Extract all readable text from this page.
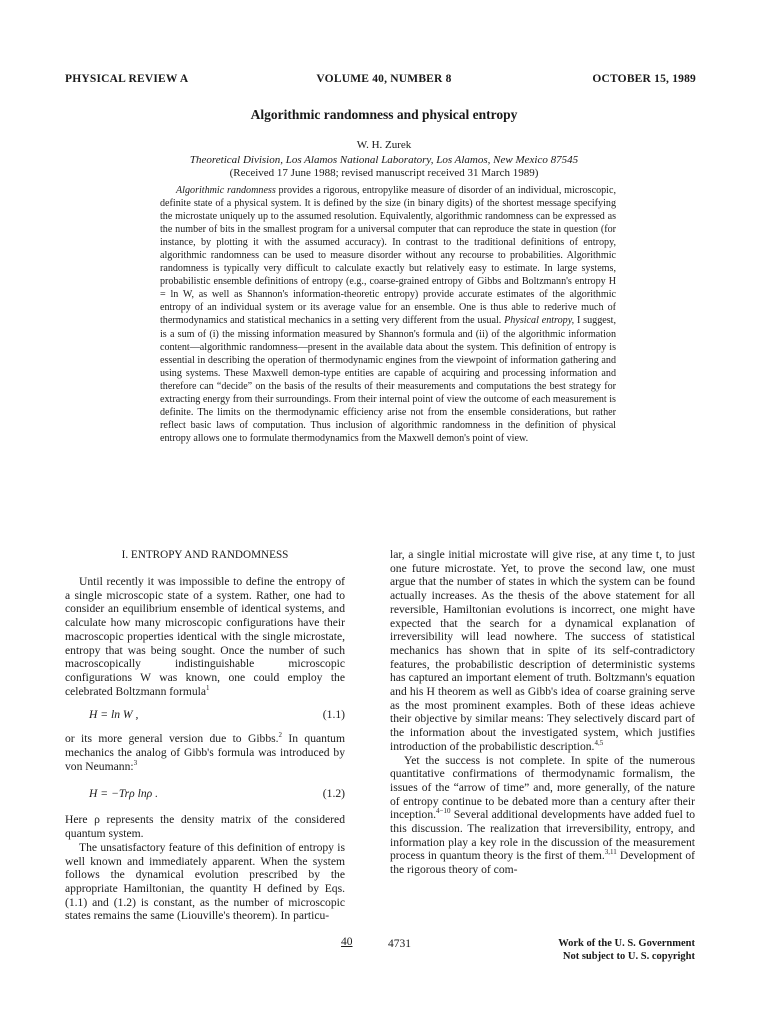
PHYSICAL REVIEW A	VOLUME 40, NUMBER 8	OCTOBER 15, 1989
Algorithmic randomness and physical entropy
W. H. Zurek
Theoretical Division, Los Alamos National Laboratory, Los Alamos, New Mexico 87545
(Received 17 June 1988; revised manuscript received 31 March 1989)
Algorithmic randomness provides a rigorous, entropylike measure of disorder of an individual, microscopic, definite state of a physical system. It is defined by the size (in binary digits) of the shortest message specifying the microstate uniquely up to the assumed resolution. Equivalently, algorithmic randomness can be expressed as the number of bits in the smallest program for a universal computer that can reproduce the state in question (for instance, by plotting it with the assumed accuracy). In contrast to the traditional definitions of entropy, algorithmic randomness can be used to measure disorder without any recourse to probabilities. Algorithmic randomness is typically very difficult to calculate exactly but relatively easy to estimate. In large systems, probabilistic ensemble definitions of entropy (e.g., coarse-grained entropy of Gibbs and Boltzmann's entropy H = ln W, as well as Shannon's information-theoretic entropy) provide accurate estimates of the algorithmic entropy of an individual system or its average value for an ensemble. One is thus able to rederive much of thermodynamics and statistical mechanics in a setting very different from the usual. Physical entropy, I suggest, is a sum of (i) the missing information measured by Shannon's formula and (ii) of the algorithmic information content—algorithmic randomness—present in the available data about the system. This definition of entropy is essential in describing the operation of thermodynamic engines from the viewpoint of information gathering and using systems. These Maxwell demon-type entities are capable of acquiring and processing information and therefore can “decide” on the basis of the results of their measurements and computations the best strategy for extracting energy from their surroundings. From their internal point of view the outcome of each measurement is definite. The limits on the thermodynamic efficiency arise not from the ensemble considerations, but rather reflect basic laws of computation. Thus inclusion of algorithmic randomness in the definition of physical entropy allows one to formulate thermodynamics from the Maxwell demon's point of view.
I. ENTROPY AND RANDOMNESS

Until recently it was impossible to define the entropy of a single microscopic state of a system. Rather, one had to consider an equilibrium ensemble of identical systems, and calculate how many microscopic configurations have their macroscopic properties identical with the single microstate, entropy that was being sought. Once the number of such macroscopically indistinguishable microscopic configurations W was known, one could employ the celebrated Boltzmann formula$^1$

H = ln W ,	(1.1)

or its more general version due to Gibbs.$^2$ In quantum mechanics the analog of Gibb's formula was introduced by von Neumann:$^3$

H = −Trρ lnρ .	(1.2)

Here ρ represents the density matrix of the considered quantum system.

The unsatisfactory feature of this definition of entropy is well known and immediately apparent. When the system follows the dynamical evolution prescribed by the appropriate Hamiltonian, the quantity H defined by Eqs. (1.1) and (1.2) is constant, as the number of microscopic states remains the same (Liouville's theorem). In particu-

lar, a single initial microstate will give rise, at any time t, to just one future microstate. Yet, to prove the second law, one must argue that the number of states in which the system can be found actually increases. As the thesis of the above statement for all reversible, Hamiltonian evolutions is incorrect, one might have expected that the search for a dynamical explanation of irreversibility will lead nowhere. The success of statistical mechanics has shown that in spite of its self-contradictory features, the probabilistic description of deterministic systems has captured an important element of truth. Boltzmann's equation and his H theorem as well as Gibb's idea of coarse graining serve as the most prominent examples. Both of these ideas achieve their objective by similar means: They selectively discard part of the information about the investigated system, which justifies introduction of the probabilistic description.$^{4,5}$

Yet the success is not complete. In spite of the numerous quantitative confirmations of thermodynamic formalism, the issues of the “arrow of time” and, more generally, of the nature of entropy continue to be debated more than a century after their inception.$^{4-10}$ Several additional developments have added fuel to this discussion. The realization that irreversibility, entropy, and information play a key role in the discussion of the measurement process in quantum theory is the first of them.$^{3,11}$ Development of the rigorous theory of com-

Work of the U. S. Government
40	4731
Not subject to U. S. copyright
